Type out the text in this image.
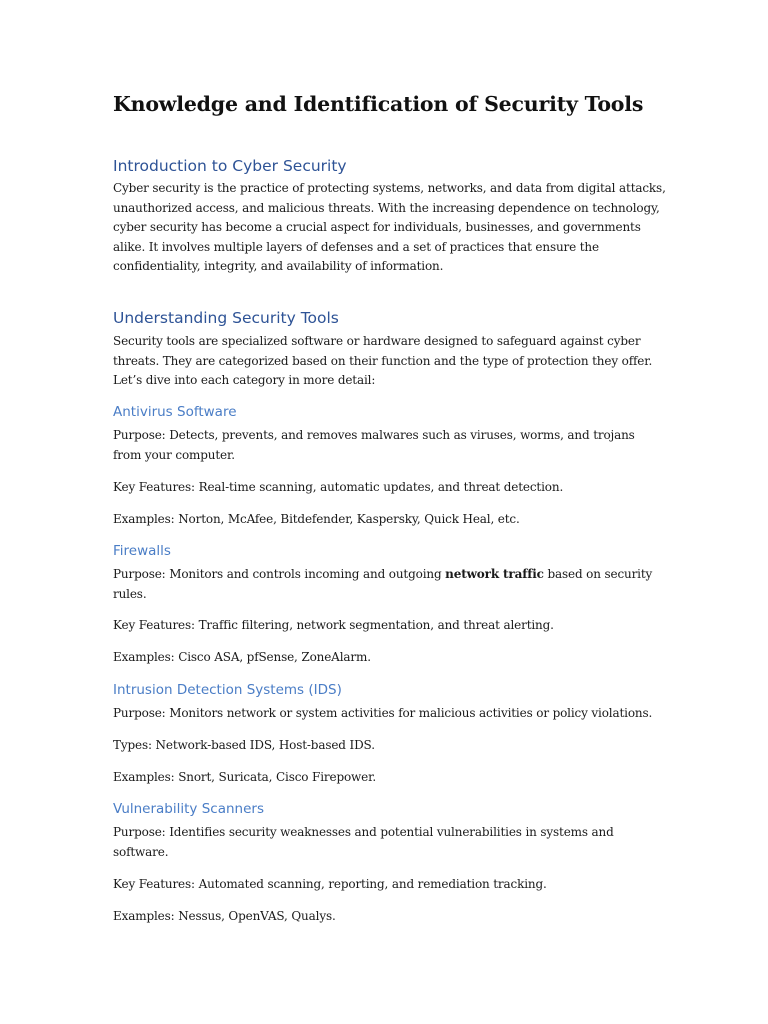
Knowledge and Identification of Security Tools
Introduction to Cyber Security

Cyber security is the practice of protecting systems, networks, and data from digital attacks,
unauthorized access, and malicious threats. With the increasing dependence on technology,
cyber security has become a crucial aspect for individuals, businesses, and governments
alike. It involves multiple layers of defenses and a set of practices that ensure the
confidentiality, integrity, and availability of information.

Understanding Security Tools

Security tools are specialized software or hardware designed to safeguard against cyber
threats. They are categorized based on their function and the type of protection they offer.
Let’s dive into each category in more detail:

Antivirus Software

Purpose: Detects, prevents, and removes malwares such as viruses, worms, and trojans
from your computer.

Key Features: Real-time scanning, automatic updates, and threat detection.

Examples: Norton, McAfee, Bitdefender, Kaspersky, Quick Heal, etc.

Firewalls

Purpose: Monitors and controls incoming and outgoing network traffic based on security
rules.

Key Features: Traffic filtering, network segmentation, and threat alerting.

Examples: Cisco ASA, pfSense, ZoneAlarm.

Intrusion Detection Systems (IDS)

Purpose: Monitors network or system activities for malicious activities or policy violations.

Types: Network-based IDS, Host-based IDS.

Examples: Snort, Suricata, Cisco Firepower.

Vulnerability Scanners

Purpose: Identifies security weaknesses and potential vulnerabilities in systems and
software.

Key Features: Automated scanning, reporting, and remediation tracking.

Examples: Nessus, OpenVAS, Qualys.
